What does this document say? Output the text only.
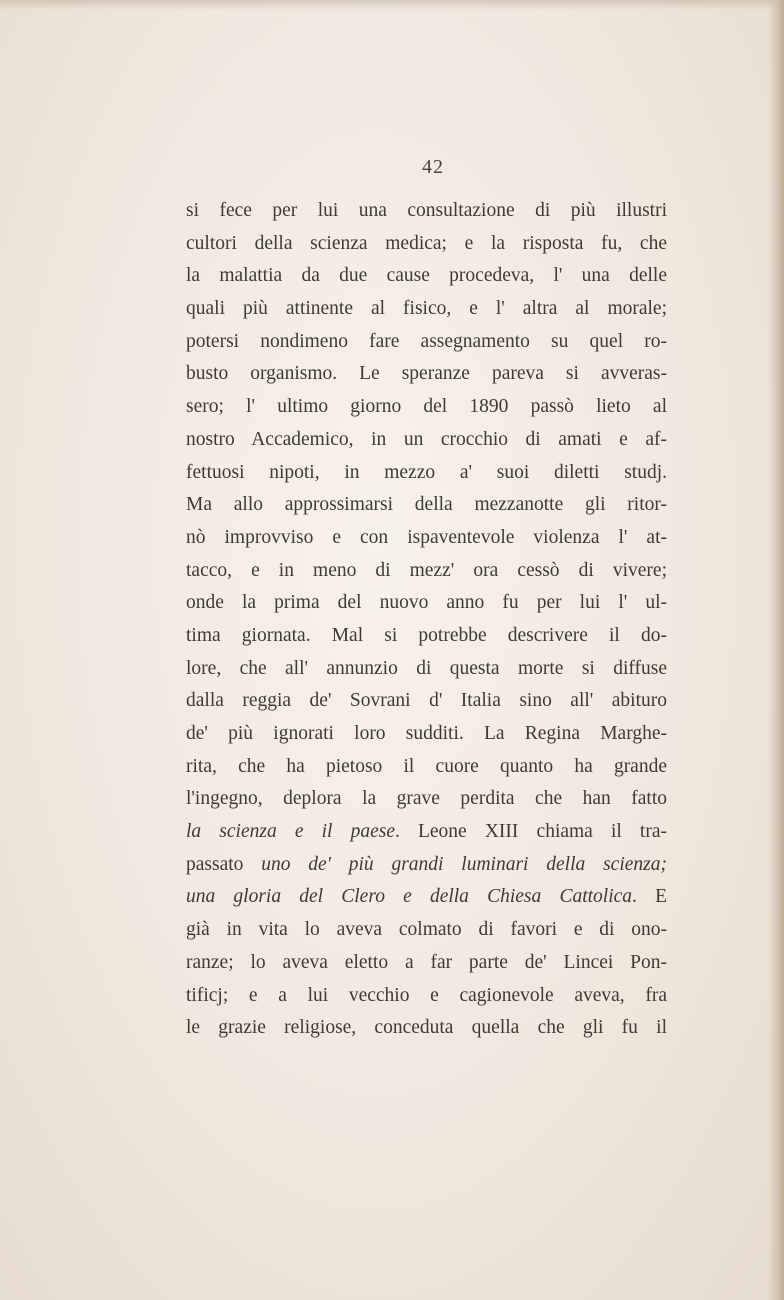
42
si fece per lui una consultazione di più illustri
cultori della scienza medica; e la risposta fu, che
la malattia da due cause procedeva, l' una delle
quali più attinente al fisico, e l' altra al morale;
potersi nondimeno fare assegnamento su quel ro-
busto organismo. Le speranze pareva si avveras-
sero; l' ultimo giorno del 1890 passò lieto al
nostro Accademico, in un crocchio di amati e af-
fettuosi nipoti, in mezzo a' suoi diletti studj.
Ma allo approssimarsi della mezzanotte gli ritor-
nò improvviso e con ispaventevole violenza l' at-
tacco, e in meno di mezz' ora cessò di vivere;
onde la prima del nuovo anno fu per lui l' ul-
tima giornata. Mal si potrebbe descrivere il do-
lore, che all' annunzio di questa morte si diffuse
dalla reggia de' Sovrani d' Italia sino all' abituro
de' più ignorati loro sudditi. La Regina Marghe-
rita, che ha pietoso il cuore quanto ha grande
l'ingegno, deplora la grave perdita che han fatto
la scienza e il paese. Leone XIII chiama il tra-
passato uno de' più grandi luminari della scienza;
una gloria del Clero e della Chiesa Cattolica. E
già in vita lo aveva colmato di favori e di ono-
ranze; lo aveva eletto a far parte de' Lincei Pon-
tificj; e a lui vecchio e cagionevole aveva, fra
le grazie religiose, conceduta quella che gli fu il
